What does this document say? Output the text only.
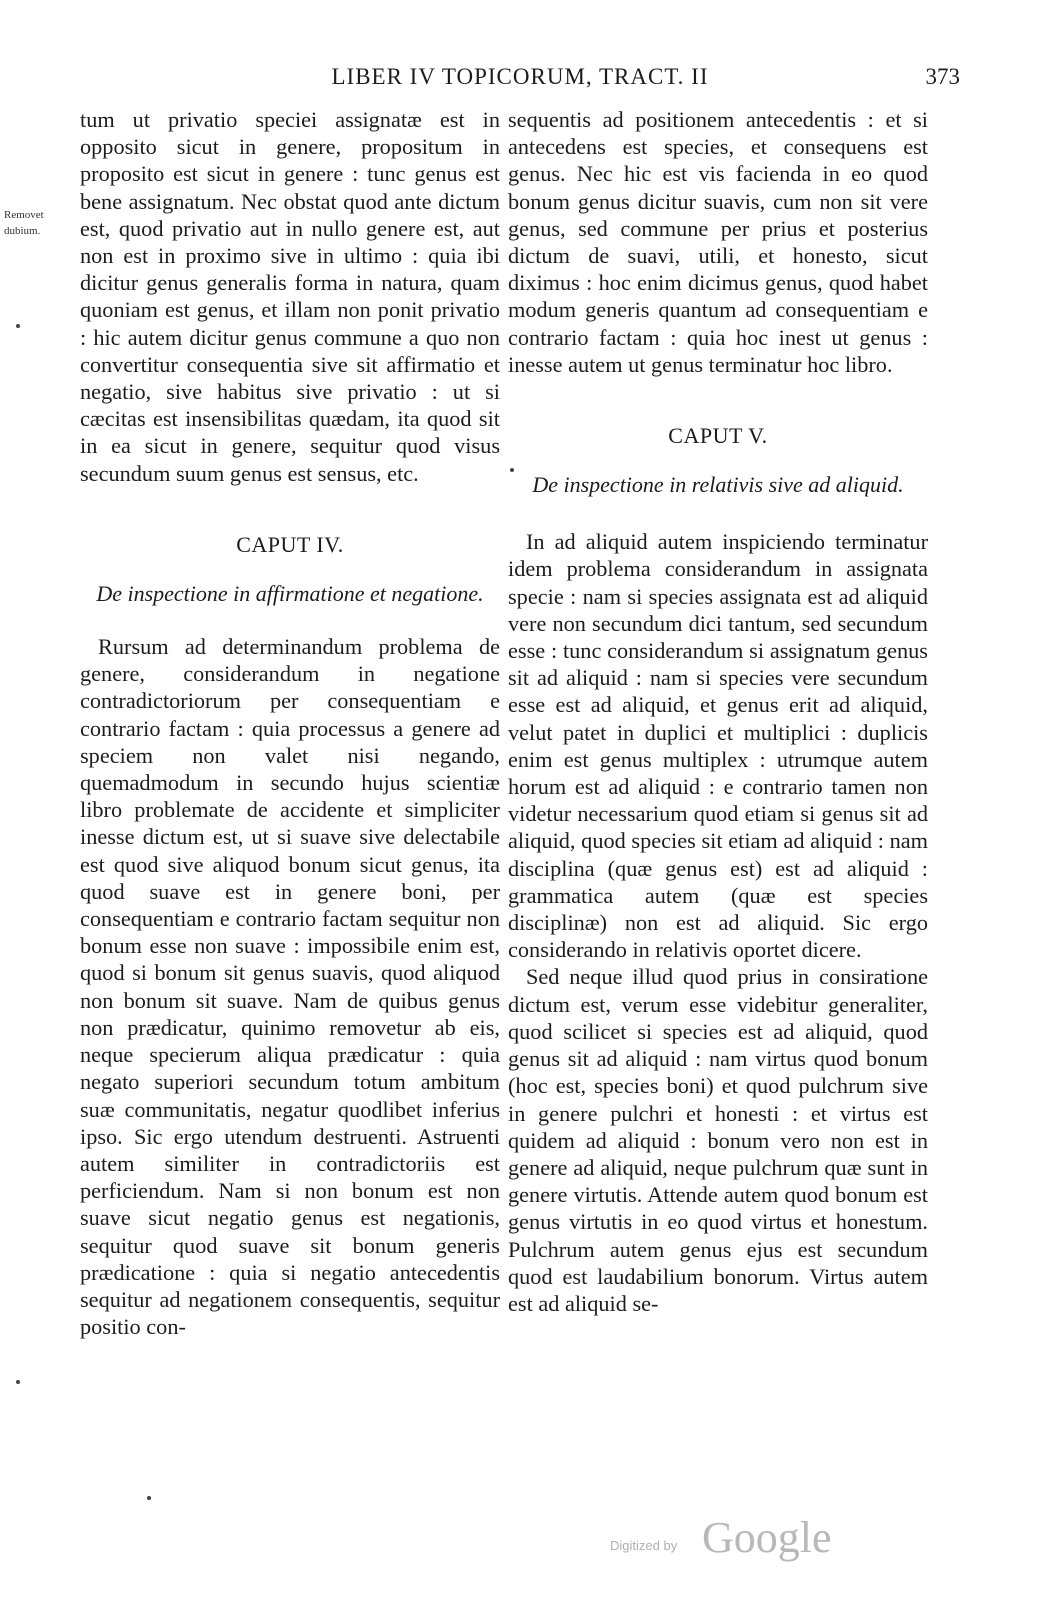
LIBER IV TOPICORUM, TRACT. II	373
Removet dubium.

tum ut privatio speciei assignatæ est in opposito sicut in genere, propositum in proposito est sicut in genere : tunc genus est bene assignatum. Nec obstat quod ante dictum est, quod privatio aut in nullo genere est, aut non est in proximo sive in ultimo : quia ibi dicitur genus generalis forma in natura, quam quoniam est genus, et illam non ponit privatio : hic autem dicitur genus commune a quo non convertitur consequentia sive sit affirmatio et negatio, sive habitus sive privatio : ut si cæcitas est insensibilitas quædam, ita quod sit in ea sicut in genere, sequitur quod visus secundum suum genus est sensus, etc.

CAPUT IV.
De inspectione in affirmatione et negatione.

Rursum ad determinandum problema de genere, considerandum in negatione contradictoriorum per consequentiam e contrario factam : quia processus a genere ad speciem non valet nisi negando, quemadmodum in secundo hujus scientiæ libro problemate de accidente et simpliciter inesse dictum est, ut si suave sive delectabile est quod sive aliquod bonum sicut genus, ita quod suave est in genere boni, per consequentiam e contrario factam sequitur non bonum esse non suave : impossibile enim est, quod si bonum sit genus suavis, quod aliquod non bonum sit suave. Nam de quibus genus non prædicatur, quinimo removetur ab eis, neque specierum aliqua prædicatur : quia negato superiori secundum totum ambitum suæ communitatis, negatur quodlibet inferius ipso. Sic ergo utendum destruenti. Astruenti autem similiter in contradictoriis est perficiendum. Nam si non bonum est non suave sicut negatio genus est negationis, sequitur quod suave sit bonum generis prædicatione : quia si negatio antecedentis sequitur ad negationem consequentis, sequitur positio con-

sequentis ad positionem antecedentis : et si antecedens est species, et consequens est genus. Nec hic est vis facienda in eo quod bonum genus dicitur suavis, cum non sit vere genus, sed commune per prius et posterius dictum de suavi, utili, et honesto, sicut diximus : hoc enim dicimus genus, quod habet modum generis quantum ad consequentiam e contrario factam : quia hoc inest ut genus : inesse autem ut genus terminatur hoc libro.

CAPUT V.
De inspectione in relativis sive ad aliquid.

In ad aliquid autem inspiciendo terminatur idem problema considerandum in assignata specie : nam si species assignata est ad aliquid vere non secundum dici tantum, sed secundum esse : tunc considerandum si assignatum genus sit ad aliquid : nam si species vere secundum esse est ad aliquid, et genus erit ad aliquid, velut patet in duplici et multiplici : duplicis enim est genus multiplex : utrumque autem horum est ad aliquid : e contrario tamen non videtur necessarium quod etiam si genus sit ad aliquid, quod species sit etiam ad aliquid : nam disciplina (quæ genus est) est ad aliquid : grammatica autem (quæ est species disciplinæ) non est ad aliquid. Sic ergo considerando in relativis oportet dicere.

Sed neque illud quod prius in consiratione dictum est, verum esse videbitur generaliter, quod scilicet si species est ad aliquid, quod genus sit ad aliquid : nam virtus quod bonum (hoc est, species boni) et quod pulchrum sive in genere pulchri et honesti : et virtus est quidem ad aliquid : bonum vero non est in genere ad aliquid, neque pulchrum quæ sunt in genere virtutis. Attende autem quod bonum est genus virtutis in eo quod virtus et honestum. Pulchrum autem genus ejus est secundum quod est laudabilium bonorum. Virtus autem est ad aliquid se-

Digitized by Google
